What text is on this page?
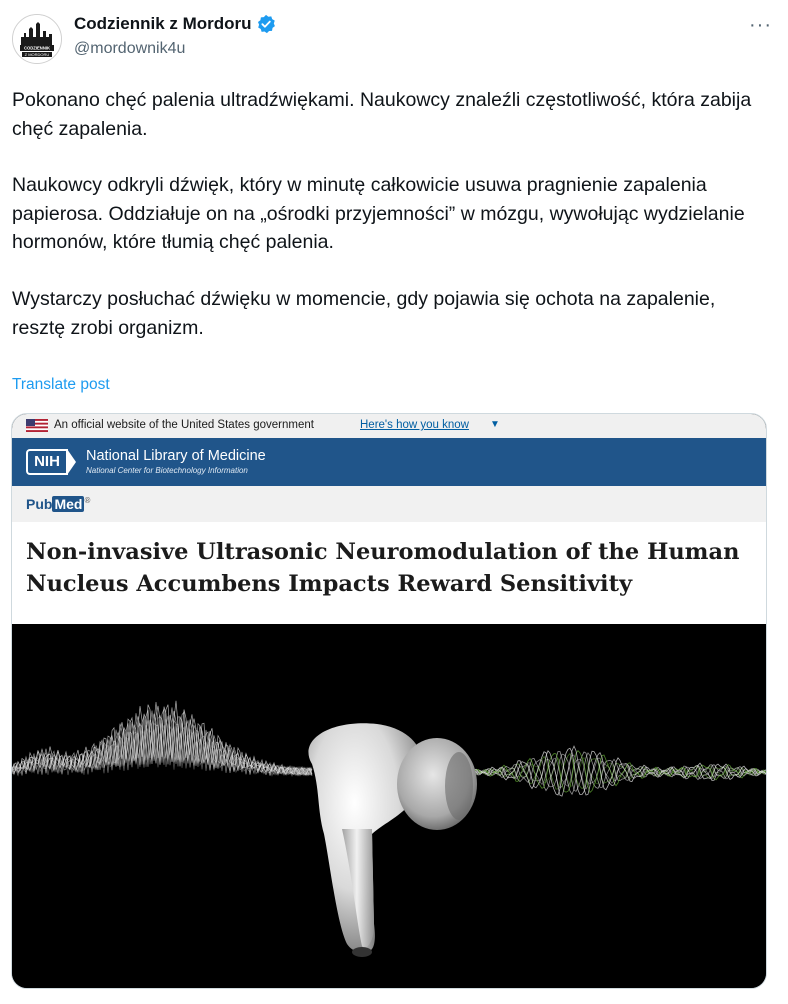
CODZIENNIK
Z MORDORU
Codziennik z Mordoru
@mordownik4u
···

Pokonano chęć palenia ultradźwiękami. Naukowcy znaleźli częstotliwość, która zabija chęć zapalenia.

Naukowcy odkryli dźwięk, który w minutę całkowicie usuwa pragnienie zapalenia papierosa. Oddziałuje on na „ośrodki przyjemności” w mózgu, wywołując wydzielanie hormonów, które tłumią chęć palenia.

Wystarczy posłuchać dźwięku w momencie, gdy pojawia się ochota na zapalenie,  resztę zrobi organizm.

Translate post
An official website of the United States government	Here's how you know ▼
NIH	National Library of Medicine
National Center for Biotechnology Information
Pub Med ®
Non-invasive Ultrasonic Neuromodulation of the Human Nucleus Accumbens Impacts Reward Sensitivity
